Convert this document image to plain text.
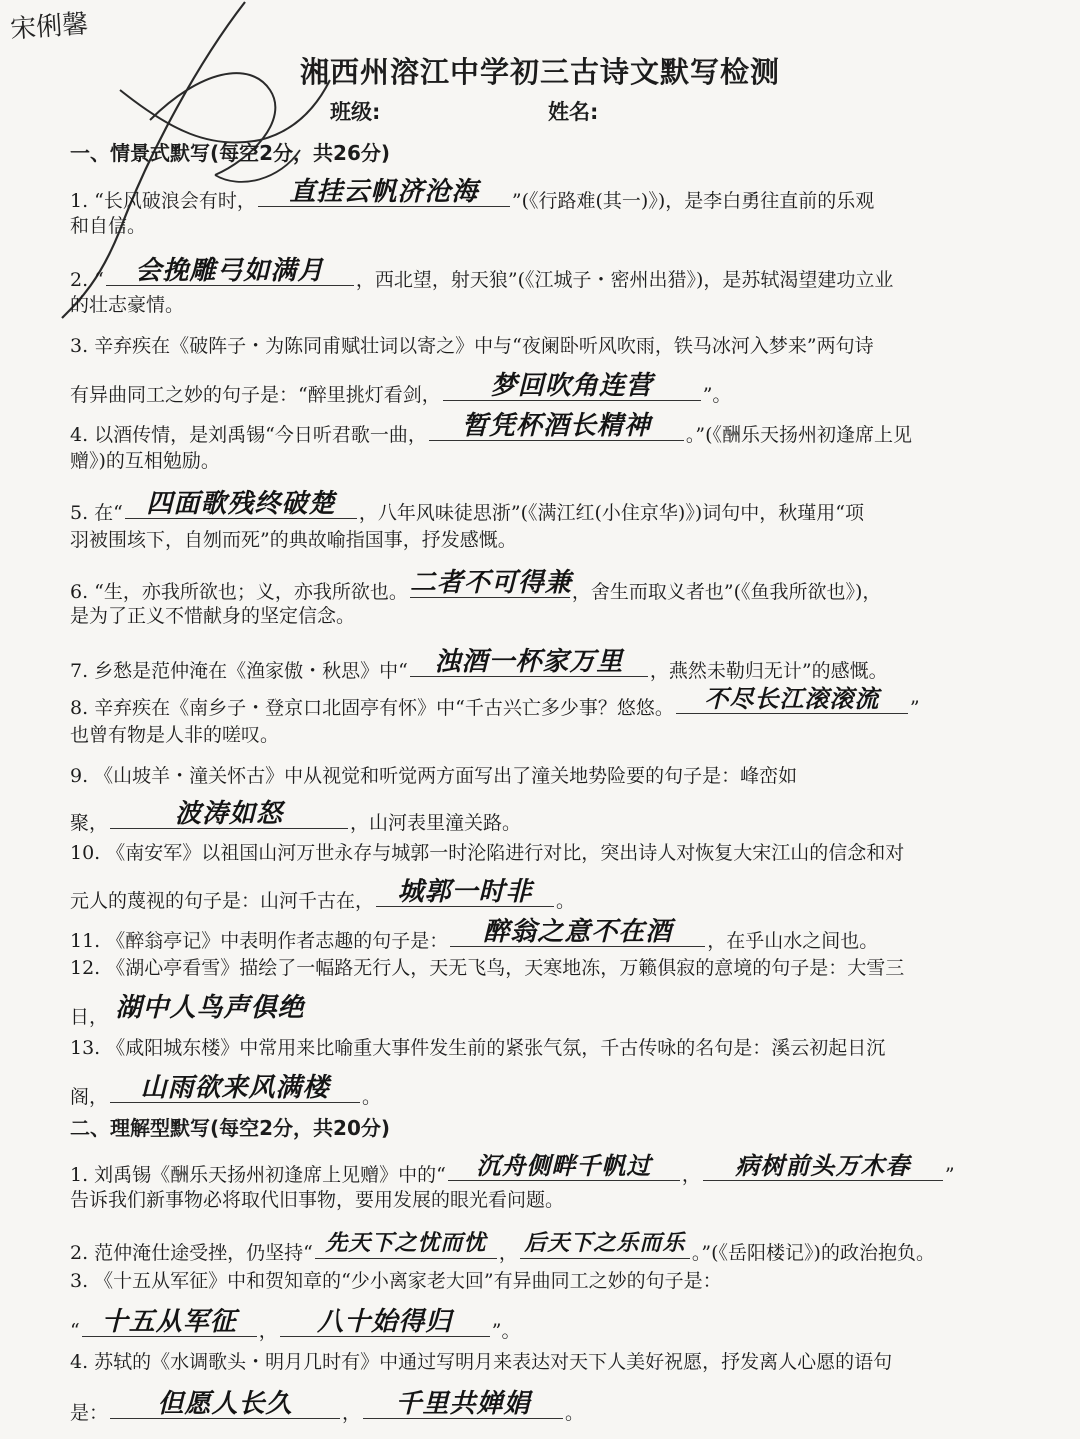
宋俐馨
湘西州溶江中学初三古诗文默写检测
班级:	姓名:
一、情景式默写(每空2分，共26分)
1. “长风破浪会有时，	直挂云帆济沧海	”(《行路难(其一)》)，是李白勇往直前的乐观
和自信。
2. “	会挽雕弓如满月	，西北望，射天狼”(《江城子・密州出猎》)，是苏轼渴望建功立业
的壮志豪情。
3. 辛弃疾在《破阵子・为陈同甫赋壮词以寄之》中与“夜阑卧听风吹雨，铁马冰河入梦来”两句诗
有异曲同工之妙的句子是：“醉里挑灯看剑，	梦回吹角连营	”。
4. 以酒传情，是刘禹锡“今日听君歌一曲，	暂凭杯酒长精神	。”(《酬乐天扬州初逢席上见
赠》)的互相勉励。
5. 在“ 四面歌残终破楚	，八年风味徒思浙”(《满江红(小住京华)》)词句中，秋瑾用“项
羽被围垓下，自刎而死”的典故喻指国事，抒发感慨。
6. “生，亦我所欲也；义，亦我所欲也。 二者不可得兼 ，舍生而取义者也”(《鱼我所欲也》)，
是为了正义不惜献身的坚定信念。
7. 乡愁是范仲淹在《渔家傲・秋思》中“	浊酒一杯家万里	，燕然未勒归无计”的感慨。
8. 辛弃疾在《南乡子・登京口北固亭有怀》中“千古兴亡多少事？悠悠。	不尽长江滚滚流	”
也曾有物是人非的嗟叹。
9. 《山坡羊・潼关怀古》中从视觉和听觉两方面写出了潼关地势险要的句子是：峰峦如
聚，	波涛如怒	，山河表里潼关路。
10. 《南安军》以祖国山河万世永存与城郭一时沦陷进行对比，突出诗人对恢复大宋江山的信念和对
元人的蔑视的句子是：山河千古在， 城郭一时非	。
11. 《醉翁亭记》中表明作者志趣的句子是：	醉翁之意不在酒	，在乎山水之间也。
12. 《湖心亭看雪》描绘了一幅路无行人，天无飞鸟，天寒地冻，万籁俱寂的意境的句子是：大雪三
日， 湖中人鸟声俱绝
13. 《咸阳城东楼》中常用来比喻重大事件发生前的紧张气氛，千古传咏的名句是：溪云初起日沉
阁，	山雨欲来风满楼	。
二、理解型默写(每空2分，共20分)
1. 刘禹锡《酬乐天扬州初逢席上见赠》中的“	沉舟侧畔千帆过	，	病树前头万木春	”
告诉我们新事物必将取代旧事物，要用发展的眼光看问题。
2. 范仲淹仕途受挫，仍坚持“ 先天下之忧而忧 ， 后天下之乐而乐 。”(《岳阳楼记》)的政治抱负。
3. 《十五从军征》中和贺知章的“少小离家老大回”有异曲同工之妙的句子是：
“ 十五从军征	，	八十始得归	”。
4. 苏轼的《水调歌头・明月几时有》中通过写明月来表达对天下人美好祝愿，抒发离人心愿的语句
是：	但愿人长久	，	千里共婵娟	。
